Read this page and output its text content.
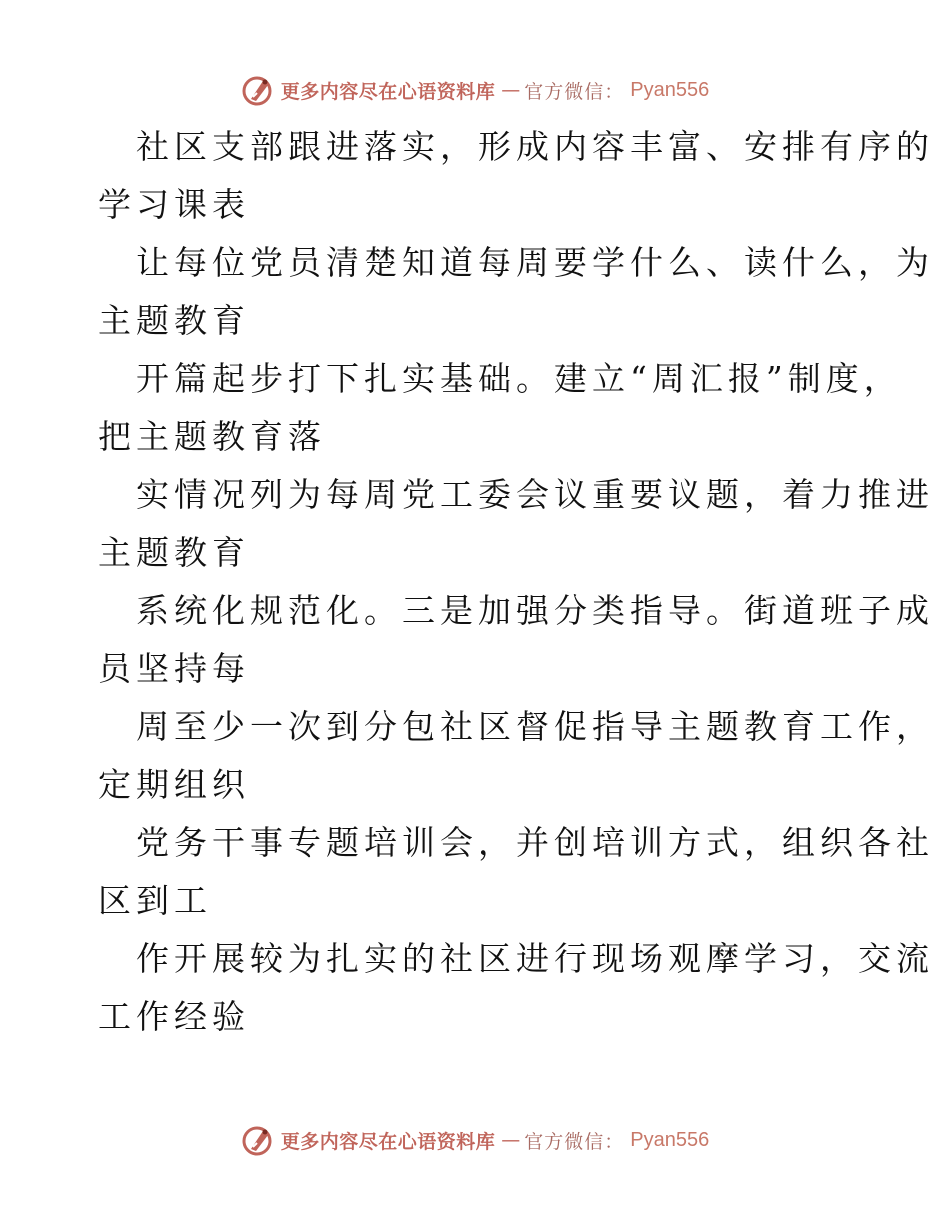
更多内容尽在心语资料库 — 官方微信： Pyan556

社区支部跟进落实，形成内容丰富、安排有序的
学习课表

让每位党员清楚知道每周要学什么、读什么，为
主题教育

开篇起步打下扎实基础。建立“周汇报”制度，
把主题教育落

实情况列为每周党工委会议重要议题，着力推进
主题教育

系统化规范化。三是加强分类指导。街道班子成
员坚持每

周至少一次到分包社区督促指导主题教育工作，
定期组织

党务干事专题培训会，并创培训方式，组织各社
区到工

作开展较为扎实的社区进行现场观摩学习，交流
工作经验

更多内容尽在心语资料库 — 官方微信： Pyan556
